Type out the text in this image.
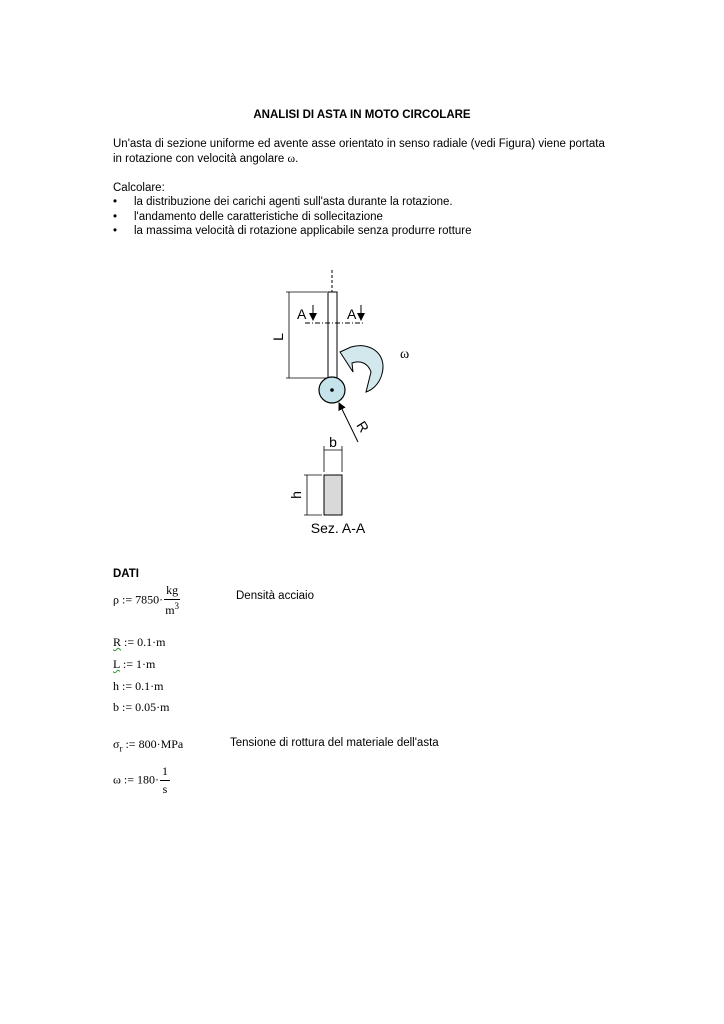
ANALISI DI ASTA IN MOTO CIRCOLARE
Un'asta di sezione uniforme ed avente asse orientato in senso radiale (vedi Figura) viene portata
in rotazione con velocità angolare ω.
Calcolare:
• la distribuzione dei carichi agenti sull'asta durante la rotazione.
• l'andamento delle caratteristiche di sollecitazione
• la massima velocità di rotazione applicabile senza produrre rotture
L
A	A
ω
R
b
h
Sez. A-A
DATI
ρ := $7850\cdot \frac{kg}{m^3}$	Densità acciaio
R := 0.1·m
L := 1·m
h := 0.1·m
b := 0.05·m
$\sigma_r$ := 800·MPa	Tensione di rottura del materiale dell'asta
ω := $180\cdot \frac{1}{s}$
